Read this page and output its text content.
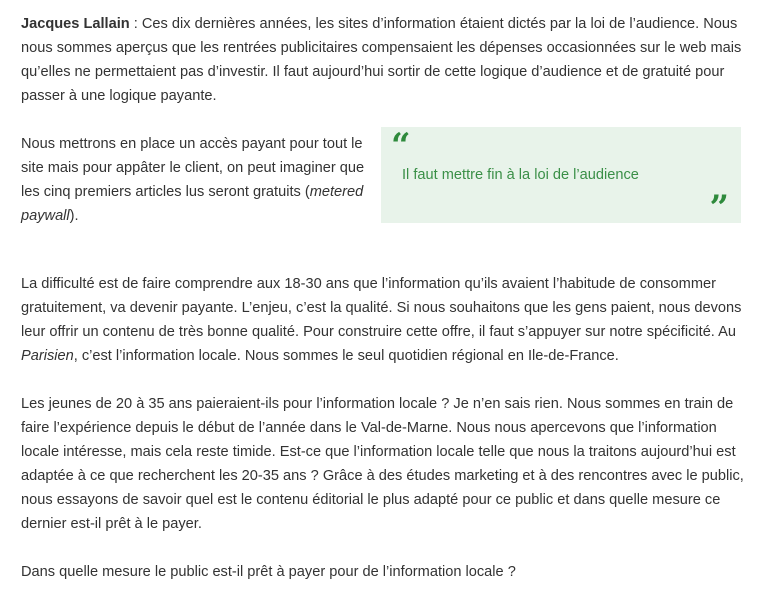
Jacques Lallain : Ces dix dernières années, les sites d’information étaient dictés par la loi de l’audience. Nous nous sommes aperçus que les rentrées publicitaires compensaient les dépenses occasionnées sur le web mais qu’elles ne permettaient pas d’investir. Il faut aujourd’hui sortir de cette logique d’audience et de gratuité pour passer à une logique payante.

Nous mettrons en place un accès payant pour tout le site mais pour appâter le client, on peut imaginer que les cinq premiers articles lus seront gratuits (metered paywall).

“
Il faut mettre fin à la loi de l’audience
”

La difficulté est de faire comprendre aux 18-30 ans que l’information qu’ils avaient l’habitude de consommer gratuitement, va devenir payante. L’enjeu, c’est la qualité. Si nous souhaitons que les gens paient, nous devons leur offrir un contenu de très bonne qualité. Pour construire cette offre, il faut s’appuyer sur notre spécificité. Au Parisien, c’est l’information locale. Nous sommes le seul quotidien régional en Ile-de-France.

Les jeunes de 20 à 35 ans paieraient-ils pour l’information locale ? Je n’en sais rien. Nous sommes en train de faire l’expérience depuis le début de l’année dans le Val-de-Marne. Nous nous apercevons que l’information locale intéresse, mais cela reste timide. Est-ce que l’information locale telle que nous la traitons aujourd’hui est adaptée à ce que recherchent les 20-35 ans ? Grâce à des études marketing et à des rencontres avec le public, nous essayons de savoir quel est le contenu éditorial le plus adapté pour ce public et dans quelle mesure ce dernier est-il prêt à le payer.

Dans quelle mesure le public est-il prêt à payer pour de l’information locale ?
